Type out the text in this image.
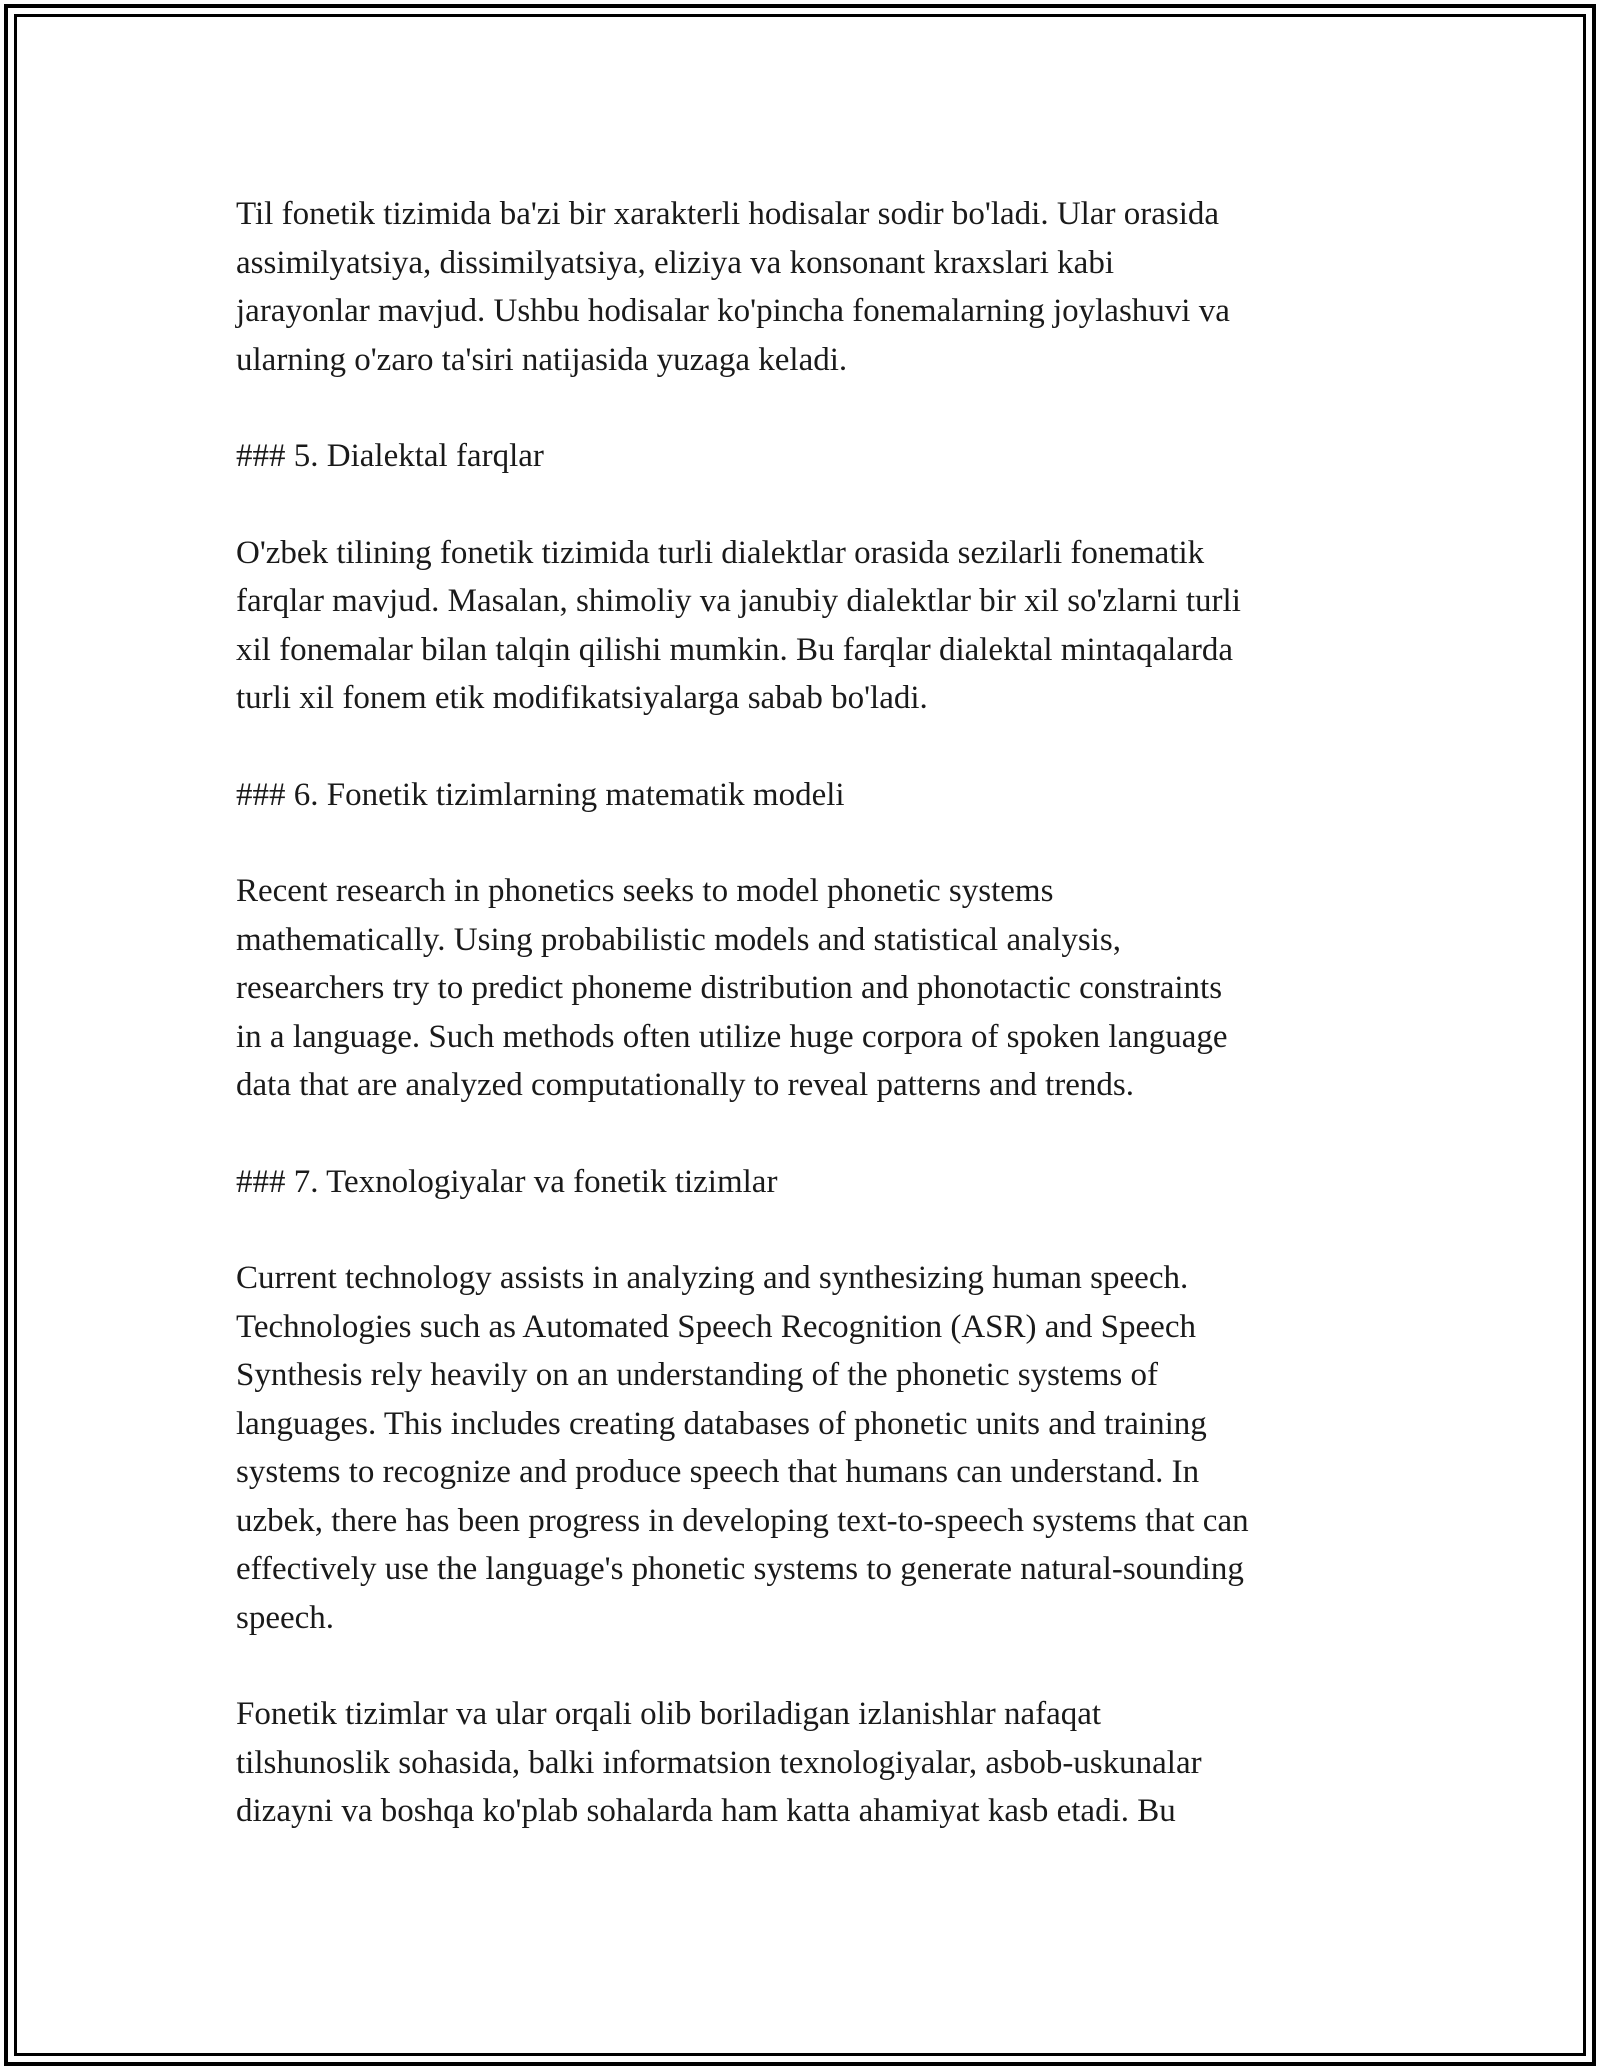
Til fonetik tizimida ba'zi bir xarakterli hodisalar sodir bo'ladi. Ular orasida
assimilyatsiya, dissimilyatsiya, eliziya va konsonant kraxslari kabi
jarayonlar mavjud. Ushbu hodisalar ko'pincha fonemalarning joylashuvi va
ularning o'zaro ta'siri natijasida yuzaga keladi.
### 5. Dialektal farqlar
O'zbek tilining fonetik tizimida turli dialektlar orasida sezilarli fonematik
farqlar mavjud. Masalan, shimoliy va janubiy dialektlar bir xil so'zlarni turli
xil fonemalar bilan talqin qilishi mumkin. Bu farqlar dialektal mintaqalarda
turli xil fonem etik modifikatsiyalarga sabab bo'ladi.
### 6. Fonetik tizimlarning matematik modeli
Recent research in phonetics seeks to model phonetic systems
mathematically. Using probabilistic models and statistical analysis,
researchers try to predict phoneme distribution and phonotactic constraints
in a language. Such methods often utilize huge corpora of spoken language
data that are analyzed computationally to reveal patterns and trends.
### 7. Texnologiyalar va fonetik tizimlar
Current technology assists in analyzing and synthesizing human speech.
Technologies such as Automated Speech Recognition (ASR) and Speech
Synthesis rely heavily on an understanding of the phonetic systems of
languages. This includes creating databases of phonetic units and training
systems to recognize and produce speech that humans can understand. In
uzbek, there has been progress in developing text-to-speech systems that can
effectively use the language's phonetic systems to generate natural-sounding
speech.
Fonetik tizimlar va ular orqali olib boriladigan izlanishlar nafaqat
tilshunoslik sohasida, balki informatsion texnologiyalar, asbob-uskunalar
dizayni va boshqa ko'plab sohalarda ham katta ahamiyat kasb etadi. Bu
